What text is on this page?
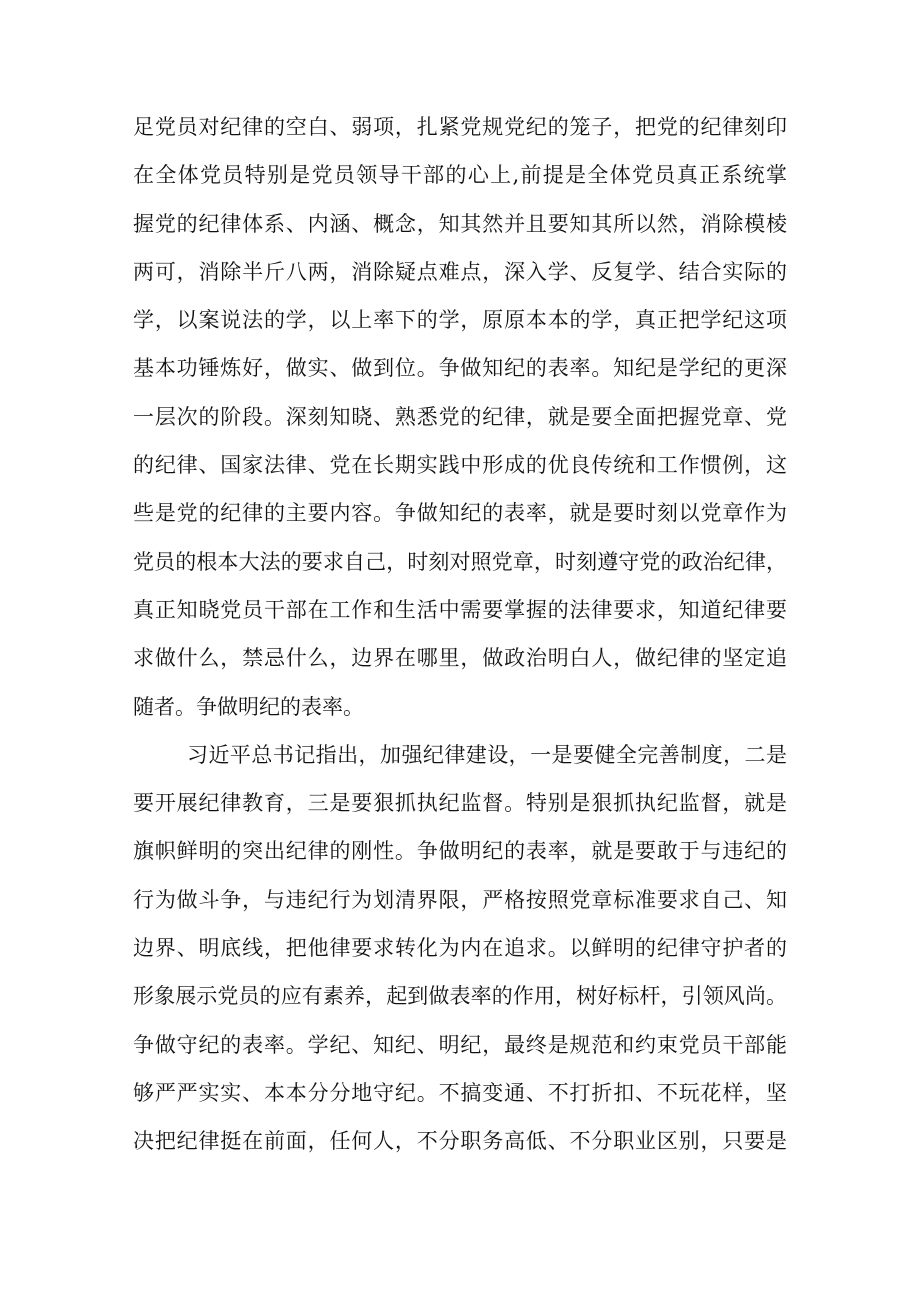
足党员对纪律的空白、弱项，扎紧党规党纪的笼子，把党的纪律刻印
在全体党员特别是党员领导干部的心上,前提是全体党员真正系统掌
握党的纪律体系、内涵、概念，知其然并且要知其所以然，消除模棱
两可，消除半斤八两，消除疑点难点，深入学、反复学、结合实际的
学，以案说法的学，以上率下的学，原原本本的学，真正把学纪这项
基本功锤炼好，做实、做到位。争做知纪的表率。知纪是学纪的更深
一层次的阶段。深刻知晓、熟悉党的纪律，就是要全面把握党章、党
的纪律、国家法律、党在长期实践中形成的优良传统和工作惯例，这
些是党的纪律的主要内容。争做知纪的表率，就是要时刻以党章作为
党员的根本大法的要求自己，时刻对照党章，时刻遵守党的政治纪律，
真正知晓党员干部在工作和生活中需要掌握的法律要求，知道纪律要
求做什么，禁忌什么，边界在哪里，做政治明白人，做纪律的坚定追
随者。争做明纪的表率。
习近平总书记指出，加强纪律建设，一是要健全完善制度，二是
要开展纪律教育，三是要狠抓执纪监督。特别是狠抓执纪监督，就是
旗帜鲜明的突出纪律的刚性。争做明纪的表率，就是要敢于与违纪的
行为做斗争，与违纪行为划清界限，严格按照党章标准要求自己、知
边界、明底线，把他律要求转化为内在追求。以鲜明的纪律守护者的
形象展示党员的应有素养，起到做表率的作用，树好标杆，引领风尚。
争做守纪的表率。学纪、知纪、明纪，最终是规范和约束党员干部能
够严严实实、本本分分地守纪。不搞变通、不打折扣、不玩花样，坚
决把纪律挺在前面，任何人，不分职务高低、不分职业区别，只要是
